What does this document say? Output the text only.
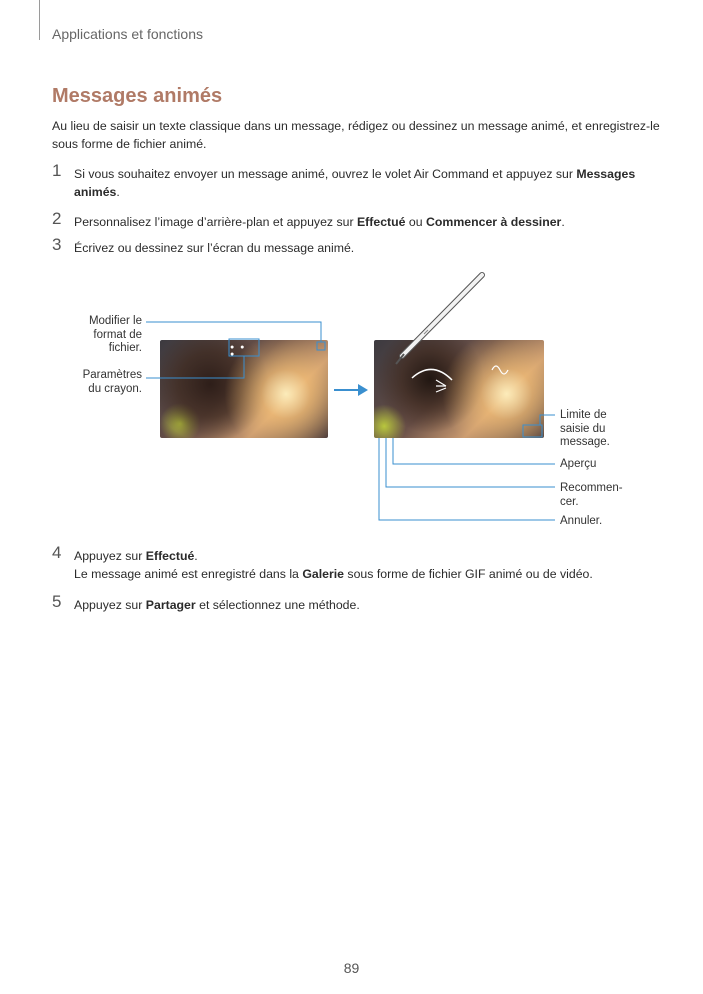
Applications et fonctions
Messages animés
Au lieu de saisir un texte classique dans un message, rédigez ou dessinez un message animé, et enregistrez-le sous forme de fichier animé.
1 Si vous souhaitez envoyer un message animé, ouvrez le volet Air Command et appuyez sur Messages animés.
2 Personnalisez l’image d’arrière-plan et appuyez sur Effectué ou Commencer à dessiner.
3 Écrivez ou dessinez sur l’écran du message animé.
● ● ●
Modifier le format de fichier.
Paramètres du crayon.
Limite de saisie du message.
Aperçu
Recommen-cer.
Annuler.
4 Appuyez sur Effectué.
Le message animé est enregistré dans la Galerie sous forme de fichier GIF animé ou de vidéo.
5 Appuyez sur Partager et sélectionnez une méthode.
89
